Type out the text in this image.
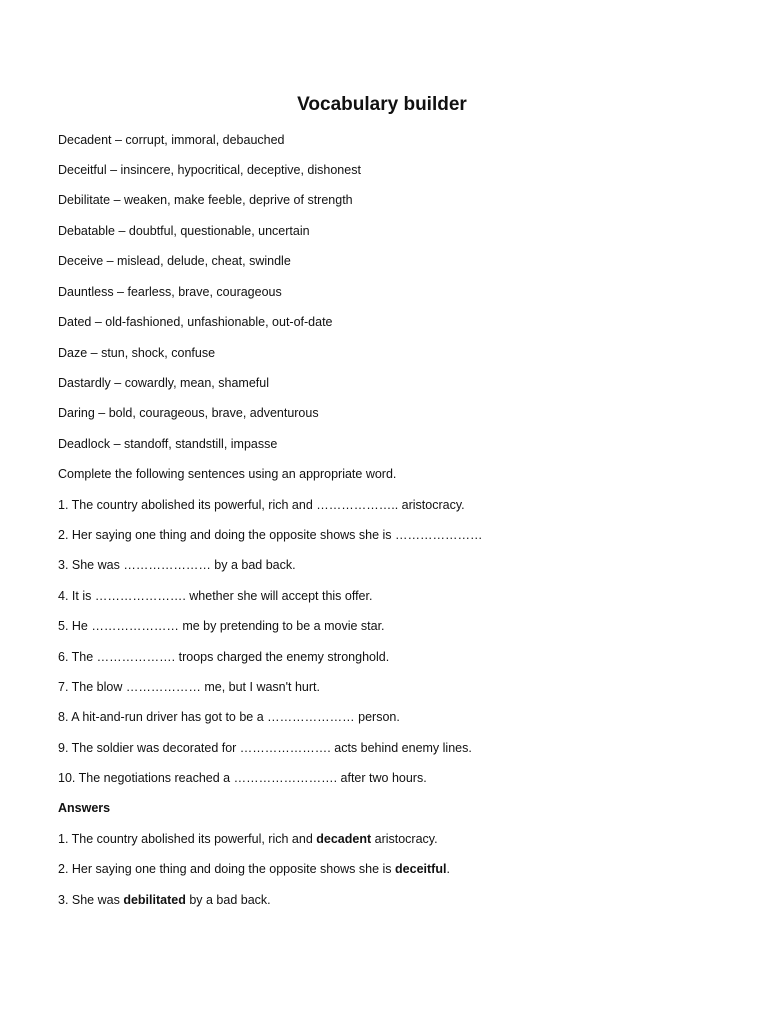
Vocabulary builder

Decadent – corrupt, immoral, debauched

Deceitful – insincere, hypocritical, deceptive, dishonest

Debilitate – weaken, make feeble, deprive of strength

Debatable – doubtful, questionable, uncertain

Deceive – mislead, delude, cheat, swindle

Dauntless – fearless, brave, courageous

Dated – old-fashioned, unfashionable, out-of-date

Daze – stun, shock, confuse

Dastardly – cowardly, mean, shameful

Daring – bold, courageous, brave, adventurous

Deadlock – standoff, standstill, impasse

Complete the following sentences using an appropriate word.

1. The country abolished its powerful, rich and ……………….. aristocracy.

2. Her saying one thing and doing the opposite shows she is …………………

3. She was ………………… by a bad back.

4. It is …………………. whether she will accept this offer.

5. He ………………… me by pretending to be a movie star.

6. The ………………. troops charged the enemy stronghold.

7. The blow ……………… me, but I wasn't hurt.

8. A hit-and-run driver has got to be a ………………… person.

9. The soldier was decorated for …………………. acts behind enemy lines.

10. The negotiations reached a ……………………. after two hours.

Answers

1. The country abolished its powerful, rich and decadent aristocracy.

2. Her saying one thing and doing the opposite shows she is deceitful.

3. She was debilitated by a bad back.
